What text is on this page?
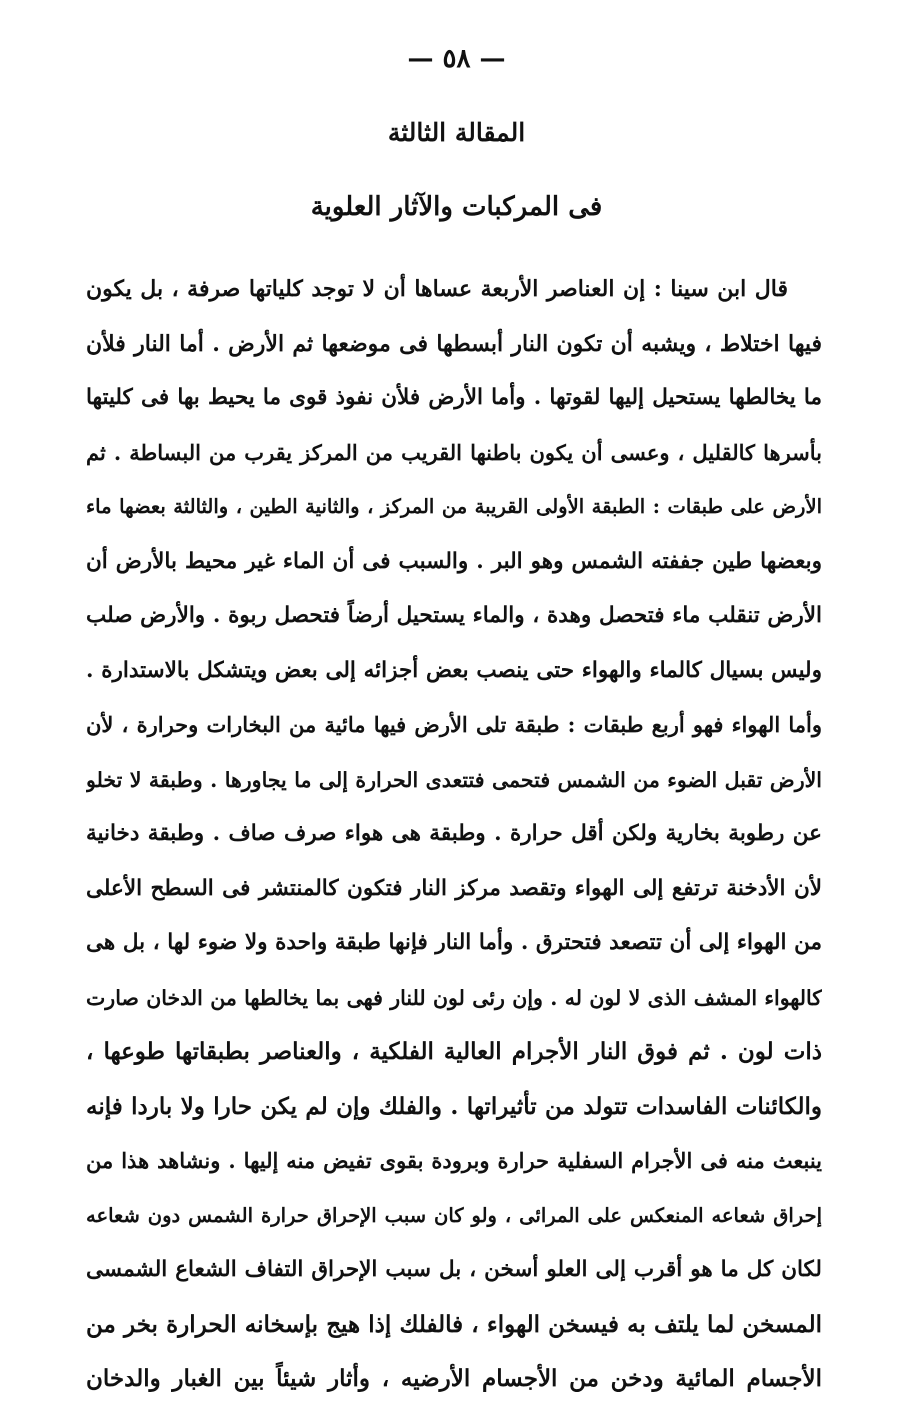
— ٥٨ —
المقالة الثالثة
فى المركبات والآثار العلوية
قال ابن سينا : إن العناصر الأربعة عساها أن لا توجد كلياتها صرفة ، بل يكون
فيها اختلاط ، ويشبه أن تكون النار أبسطها فى موضعها ثم الأرض . أما النار فلأن
ما يخالطها يستحيل إليها لقوتها . وأما الأرض فلأن نفوذ قوى ما يحيط بها فى كليتها
بأسرها كالقليل ، وعسى أن يكون باطنها القريب من المركز يقرب من البساطة . ثم
الأرض على طبقات : الطبقة الأولى القريبة من المركز ، والثانية الطين ، والثالثة بعضها ماء
وبعضها طين جففته الشمس وهو البر . والسبب فى أن الماء غير محيط بالأرض أن
الأرض تنقلب ماء فتحصل وهدة ، والماء يستحيل أرضاً فتحصل ربوة . والأرض صلب
وليس بسيال كالماء والهواء حتى ينصب بعض أجزائه إلى بعض ويتشكل بالاستدارة .
وأما الهواء فهو أربع طبقات : طبقة تلى الأرض فيها مائية من البخارات وحرارة ، لأن
الأرض تقبل الضوء من الشمس فتحمى فتتعدى الحرارة إلى ما يجاورها . وطبقة لا تخلو
عن رطوبة بخارية ولكن أقل حرارة . وطبقة هى هواء صرف صاف . وطبقة دخانية
لأن الأدخنة ترتفع إلى الهواء وتقصد مركز النار فتكون كالمنتشر فى السطح الأعلى
من الهواء إلى أن تتصعد فتحترق . وأما النار فإنها طبقة واحدة ولا ضوء لها ، بل هى
كالهواء المشف الذى لا لون له . وإن رئى لون للنار فهى بما يخالطها من الدخان صارت
ذات لون . ثم فوق النار الأجرام العالية الفلكية ، والعناصر بطبقاتها طوعها ،
والكائنات الفاسدات تتولد من تأثيراتها . والفلك وإن لم يكن حارا ولا باردا فإنه
ينبعث منه فى الأجرام السفلية حرارة وبرودة بقوى تفيض منه إليها . ونشاهد هذا من
إحراق شعاعه المنعكس على المرائى ، ولو كان سبب الإحراق حرارة الشمس دون شعاعه
لكان كل ما هو أقرب إلى العلو أسخن ، بل سبب الإحراق التفاف الشعاع الشمسى
المسخن لما يلتف به فيسخن الهواء ، فالفلك إذا هيج بإسخانه الحرارة بخر من
الأجسام المائية ودخن من الأجسام الأرضيه ، وأثار شيئاً بين الغبار والدخان
